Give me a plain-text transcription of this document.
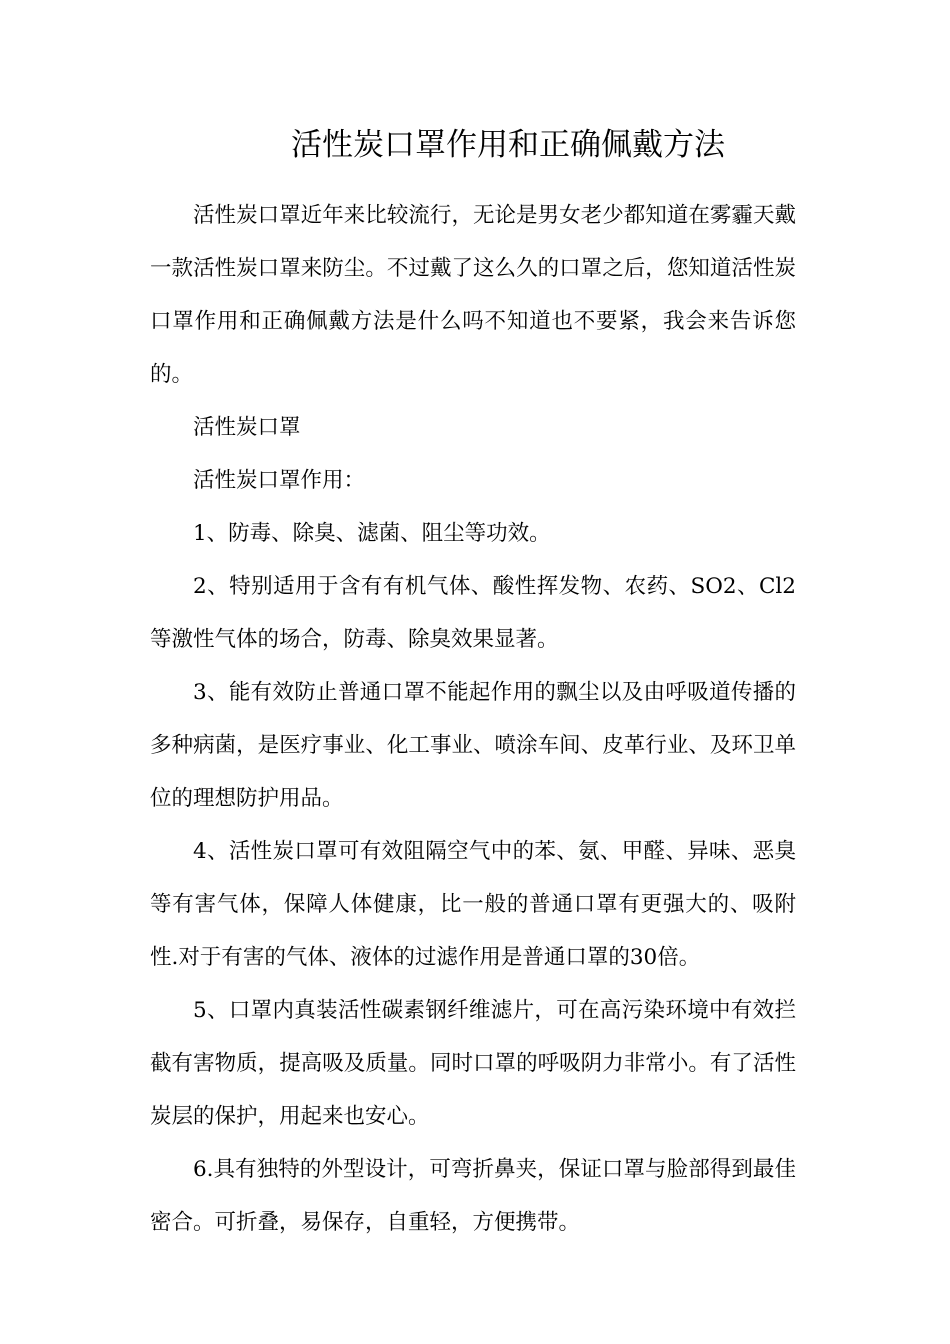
活性炭口罩作用和正确佩戴方法

活性炭口罩近年来比较流行，无论是男女老少都知道在雾霾天戴一款活性炭口罩来防尘。不过戴了这么久的口罩之后，您知道活性炭口罩作用和正确佩戴方法是什么吗不知道也不要紧，我会来告诉您的。

活性炭口罩

活性炭口罩作用：

1、防毒、除臭、滤菌、阻尘等功效。

2、特别适用于含有有机气体、酸性挥发物、农药、SO2、Cl2等激性气体的场合，防毒、除臭效果显著。

3、能有效防止普通口罩不能起作用的飘尘以及由呼吸道传播的多种病菌，是医疗事业、化工事业、喷涂车间、皮革行业、及环卫单位的理想防护用品。

4、活性炭口罩可有效阻隔空气中的苯、氨、甲醛、异味、恶臭等有害气体，保障人体健康，比一般的普通口罩有更强大的、吸附性.对于有害的气体、液体的过滤作用是普通口罩的30倍。

5、口罩内真装活性碳素钢纤维滤片，可在高污染环境中有效拦截有害物质，提高吸及质量。同时口罩的呼吸阴力非常小。有了活性炭层的保护，用起来也安心。

6.具有独特的外型设计，可弯折鼻夹，保证口罩与脸部得到最佳密合。可折叠，易保存，自重轻，方便携带。
